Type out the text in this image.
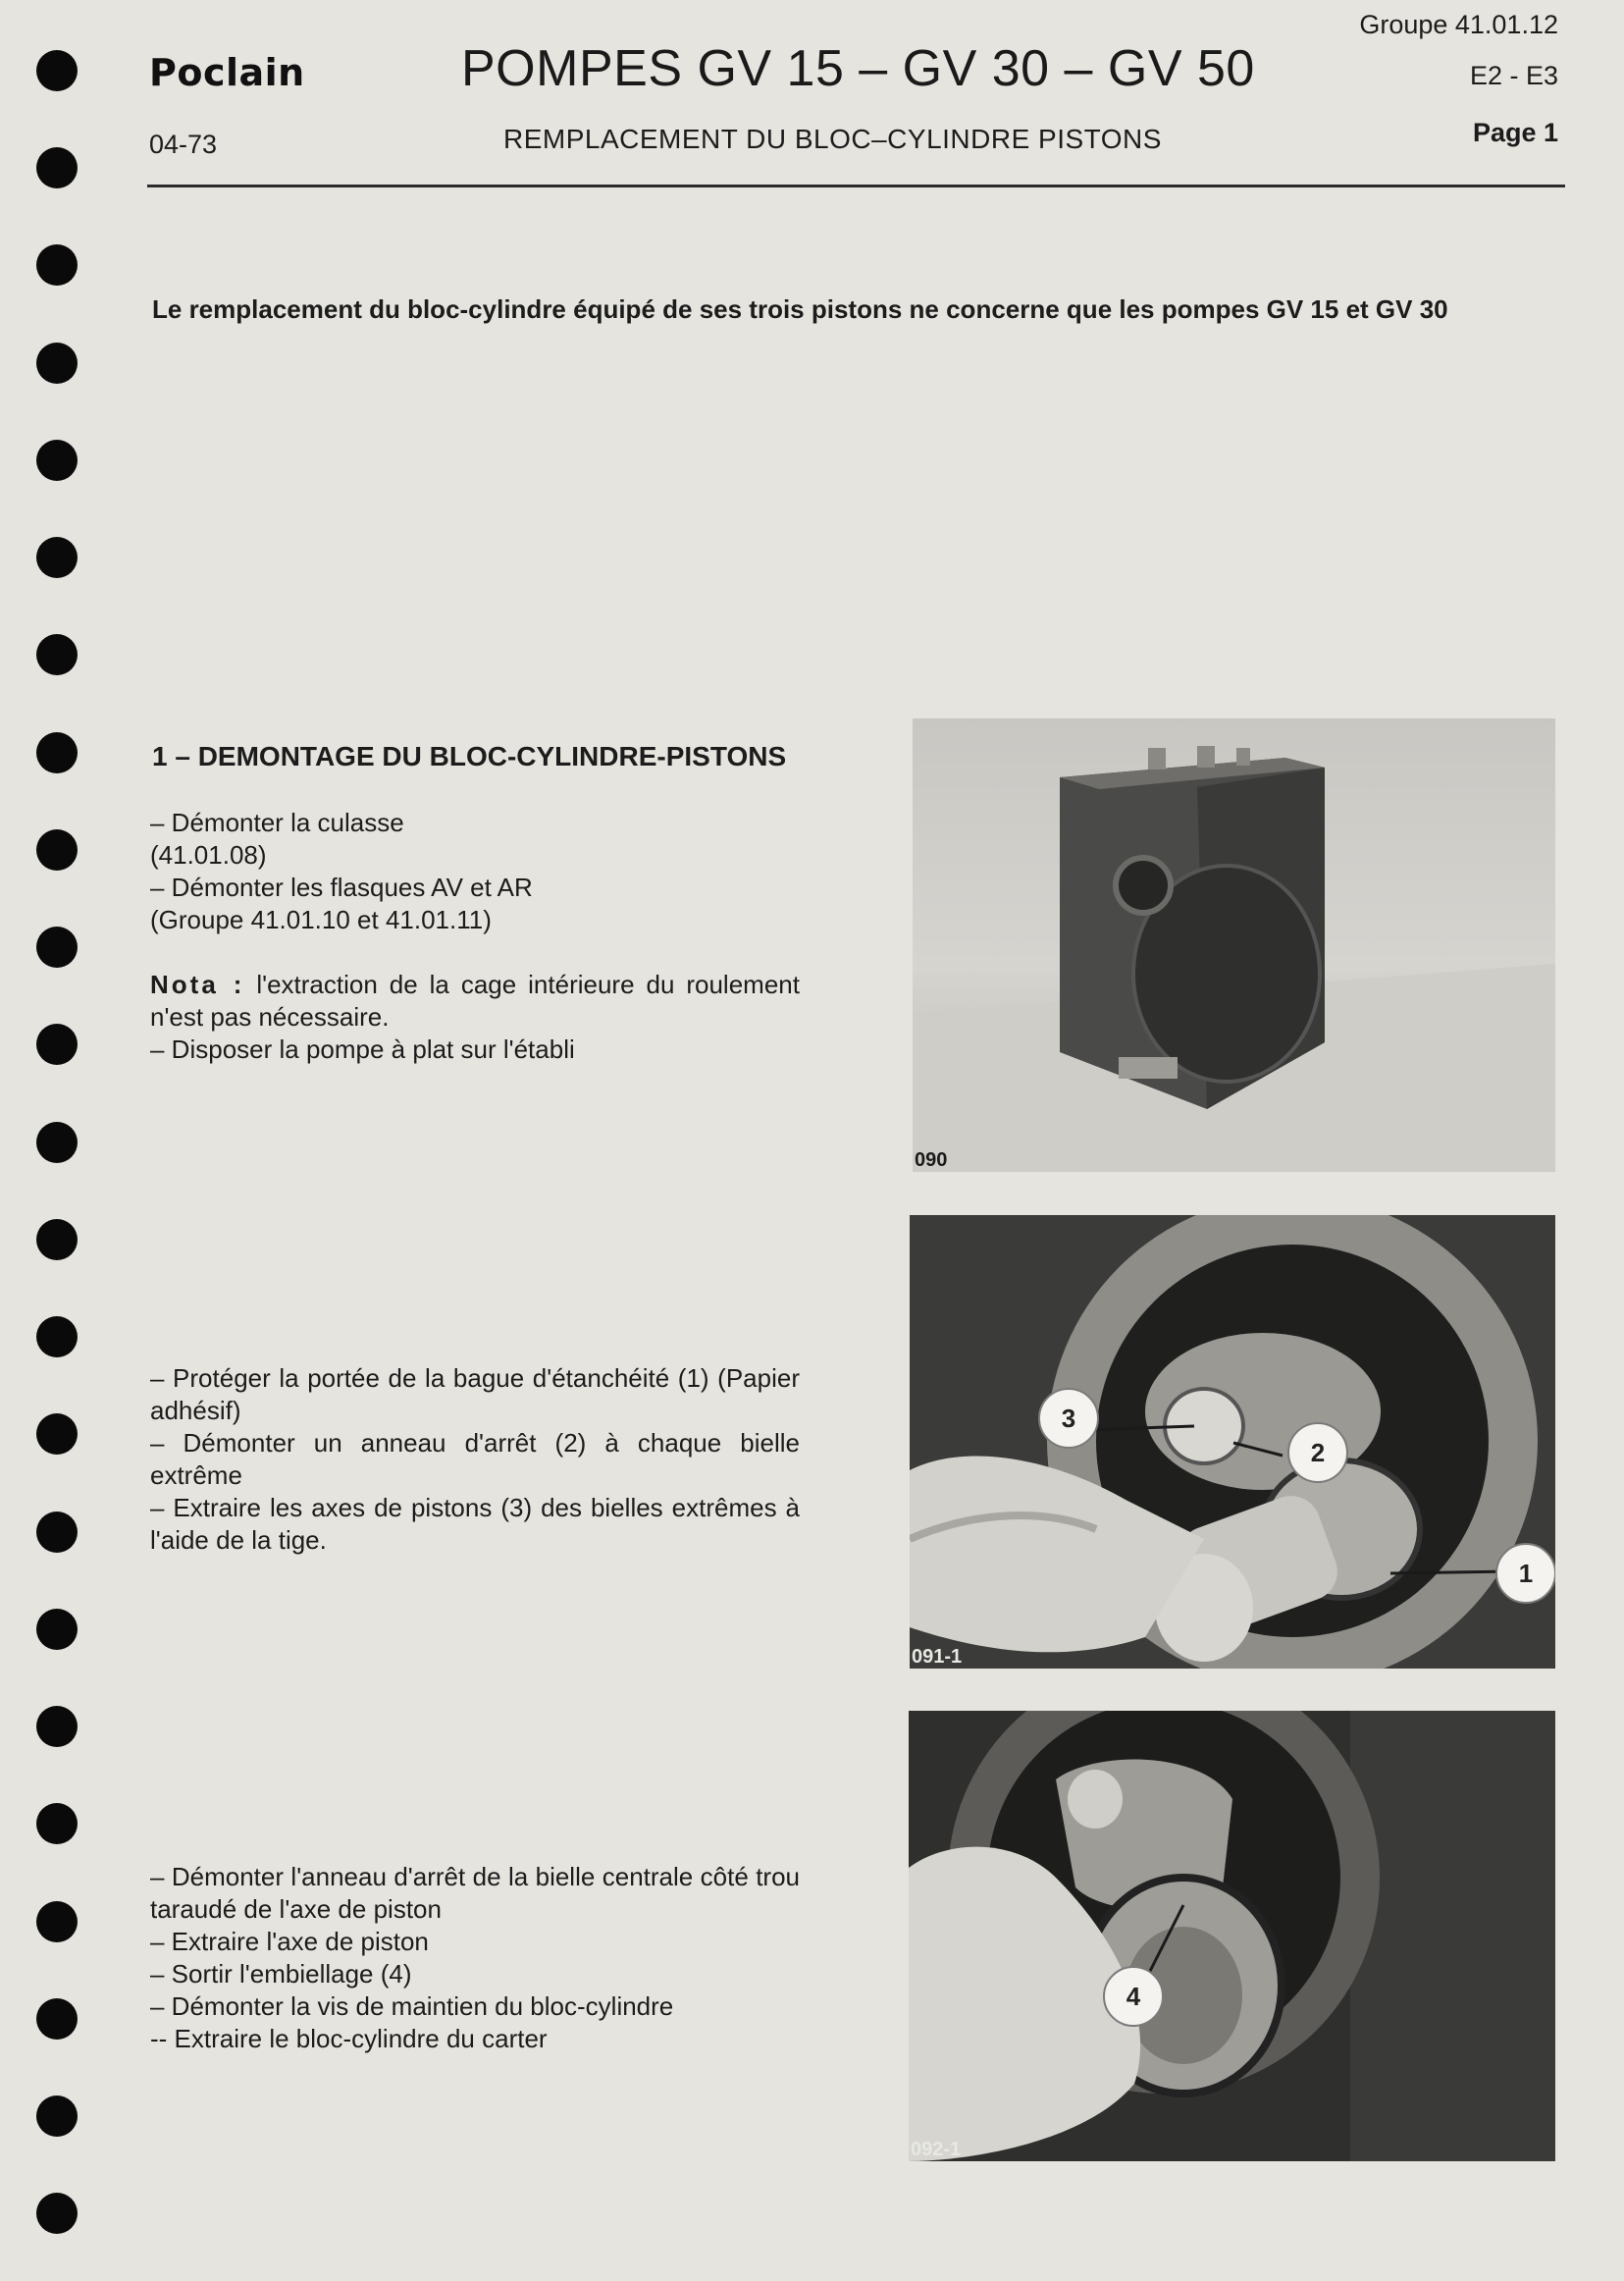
Poclain	POMPES GV 15 – GV 30 – GV 50
Groupe 41.01.12
E2 - E3
Page 1
04-73	REMPLACEMENT DU BLOC–CYLINDRE PISTONS
Le remplacement du bloc-cylindre équipé de ses trois pistons ne concerne que les pompes GV 15 et GV 30
1 – DEMONTAGE DU BLOC-CYLINDRE-PISTONS

– Démonter la culasse

(41.01.08)

– Démonter les flasques AV et AR

(Groupe 41.01.10 et 41.01.11)

Nota : l'extraction de la cage intérieure du roulement n'est pas nécessaire.

– Disposer la pompe à plat sur l'établi

– Protéger la portée de la bague d'étanchéité (1) (Papier adhésif)

– Démonter un anneau d'arrêt (2) à chaque bielle extrême

– Extraire les axes de pistons (3) des bielles extrêmes à l'aide de la tige.

– Démonter l'anneau d'arrêt de la bielle centrale côté trou taraudé de l'axe de piston

– Extraire l'axe de piston

– Sortir l'embiellage (4)

– Démonter la vis de maintien du bloc-cylindre

-- Extraire le bloc-cylindre du carter

090
3
2
1
091-1
4
092-1
